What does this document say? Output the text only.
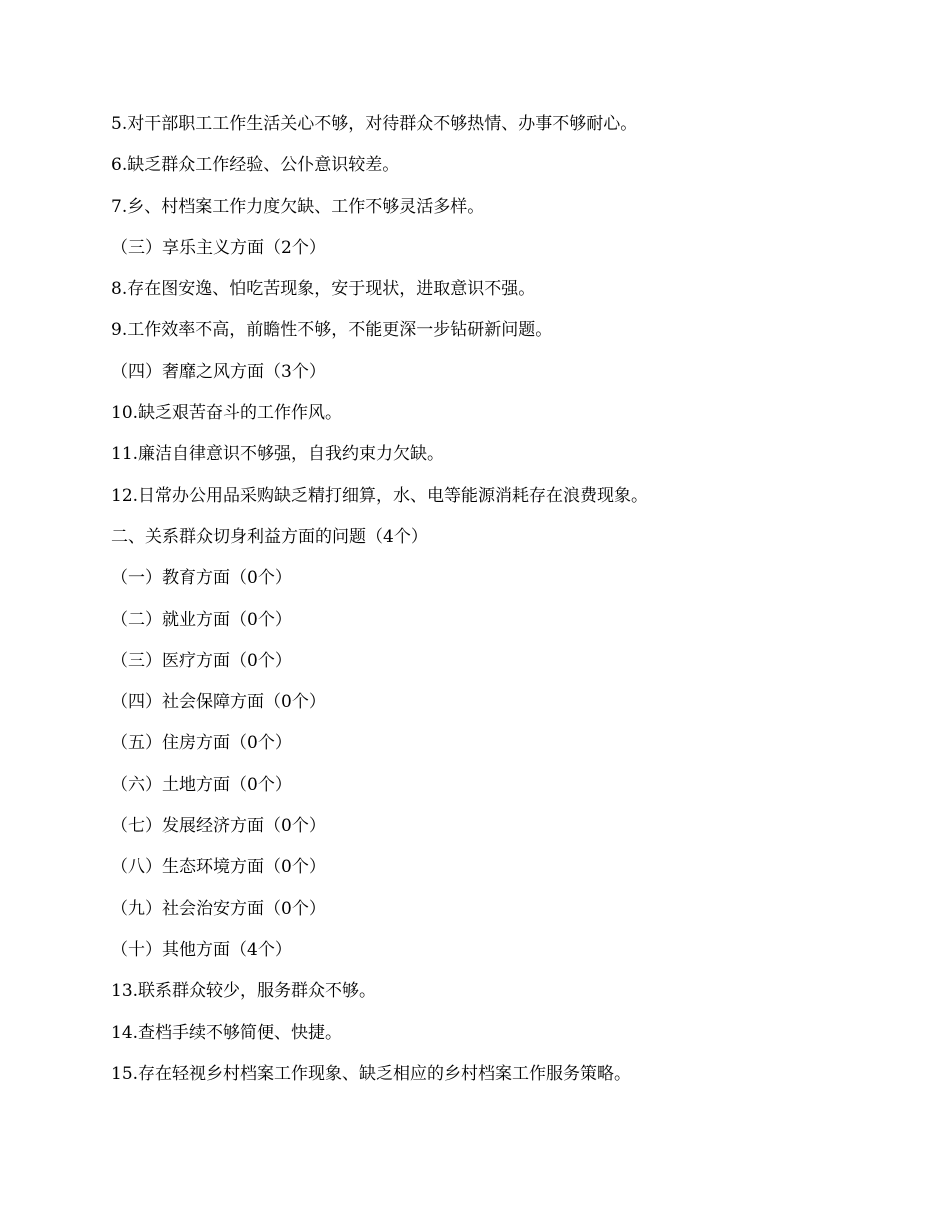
5.对干部职工工作生活关心不够，对待群众不够热情、办事不够耐心。
6.缺乏群众工作经验、公仆意识较差。
7.乡、村档案工作力度欠缺、工作不够灵活多样。
（三）享乐主义方面（2个）
8.存在图安逸、怕吃苦现象，安于现状，进取意识不强。
9.工作效率不高，前瞻性不够，不能更深一步钻研新问题。
（四）奢靡之风方面（3个）
10.缺乏艰苦奋斗的工作作风。
11.廉洁自律意识不够强，自我约束力欠缺。
12.日常办公用品采购缺乏精打细算，水、电等能源消耗存在浪费现象。
二、关系群众切身利益方面的问题（4个）
（一）教育方面（0个）
（二）就业方面（0个）
（三）医疗方面（0个）
（四）社会保障方面（0个）
（五）住房方面（0个）
（六）土地方面（0个）
（七）发展经济方面（0个）
（八）生态环境方面（0个）
（九）社会治安方面（0个）
（十）其他方面（4个）
13.联系群众较少，服务群众不够。
14.查档手续不够简便、快捷。
15.存在轻视乡村档案工作现象、缺乏相应的乡村档案工作服务策略。
